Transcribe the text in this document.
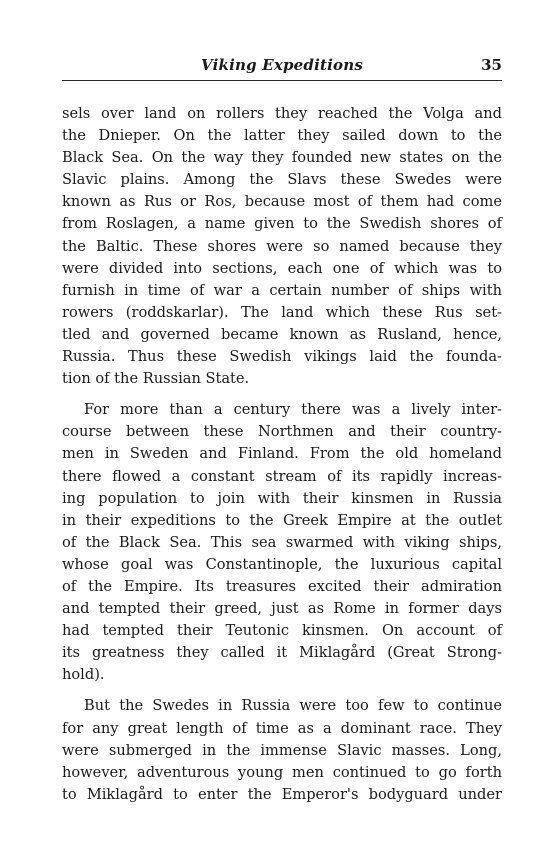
Viking Expeditions	35

sels over land on rollers they reached the Volga and
the Dnieper. On the latter they sailed down to the
Black Sea. On the way they founded new states on the
Slavic plains. Among the Slavs these Swedes were
known as Rus or Ros, because most of them had come
from Roslagen, a name given to the Swedish shores of
the Baltic. These shores were so named because they
were divided into sections, each one of which was to
furnish in time of war a certain number of ships with
rowers (roddskarlar). The land which these Rus set-
tled and governed became known as Rusland, hence,
Russia. Thus these Swedish vikings laid the founda-
tion of the Russian State.

For more than a century there was a lively inter-
course between these Northmen and their country-
men in Sweden and Finland. From the old homeland
there flowed a constant stream of its rapidly increas-
ing population to join with their kinsmen in Russia
in their expeditions to the Greek Empire at the outlet
of the Black Sea. This sea swarmed with viking ships,
whose goal was Constantinople, the luxurious capital
of the Empire. Its treasures excited their admiration
and tempted their greed, just as Rome in former days
had tempted their Teutonic kinsmen. On account of
its greatness they called it Miklagård (Great Strong-
hold).

But the Swedes in Russia were too few to continue
for any great length of time as a dominant race. They
were submerged in the immense Slavic masses. Long,
however, adventurous young men continued to go forth
to Miklagård to enter the Emperor's bodyguard under
